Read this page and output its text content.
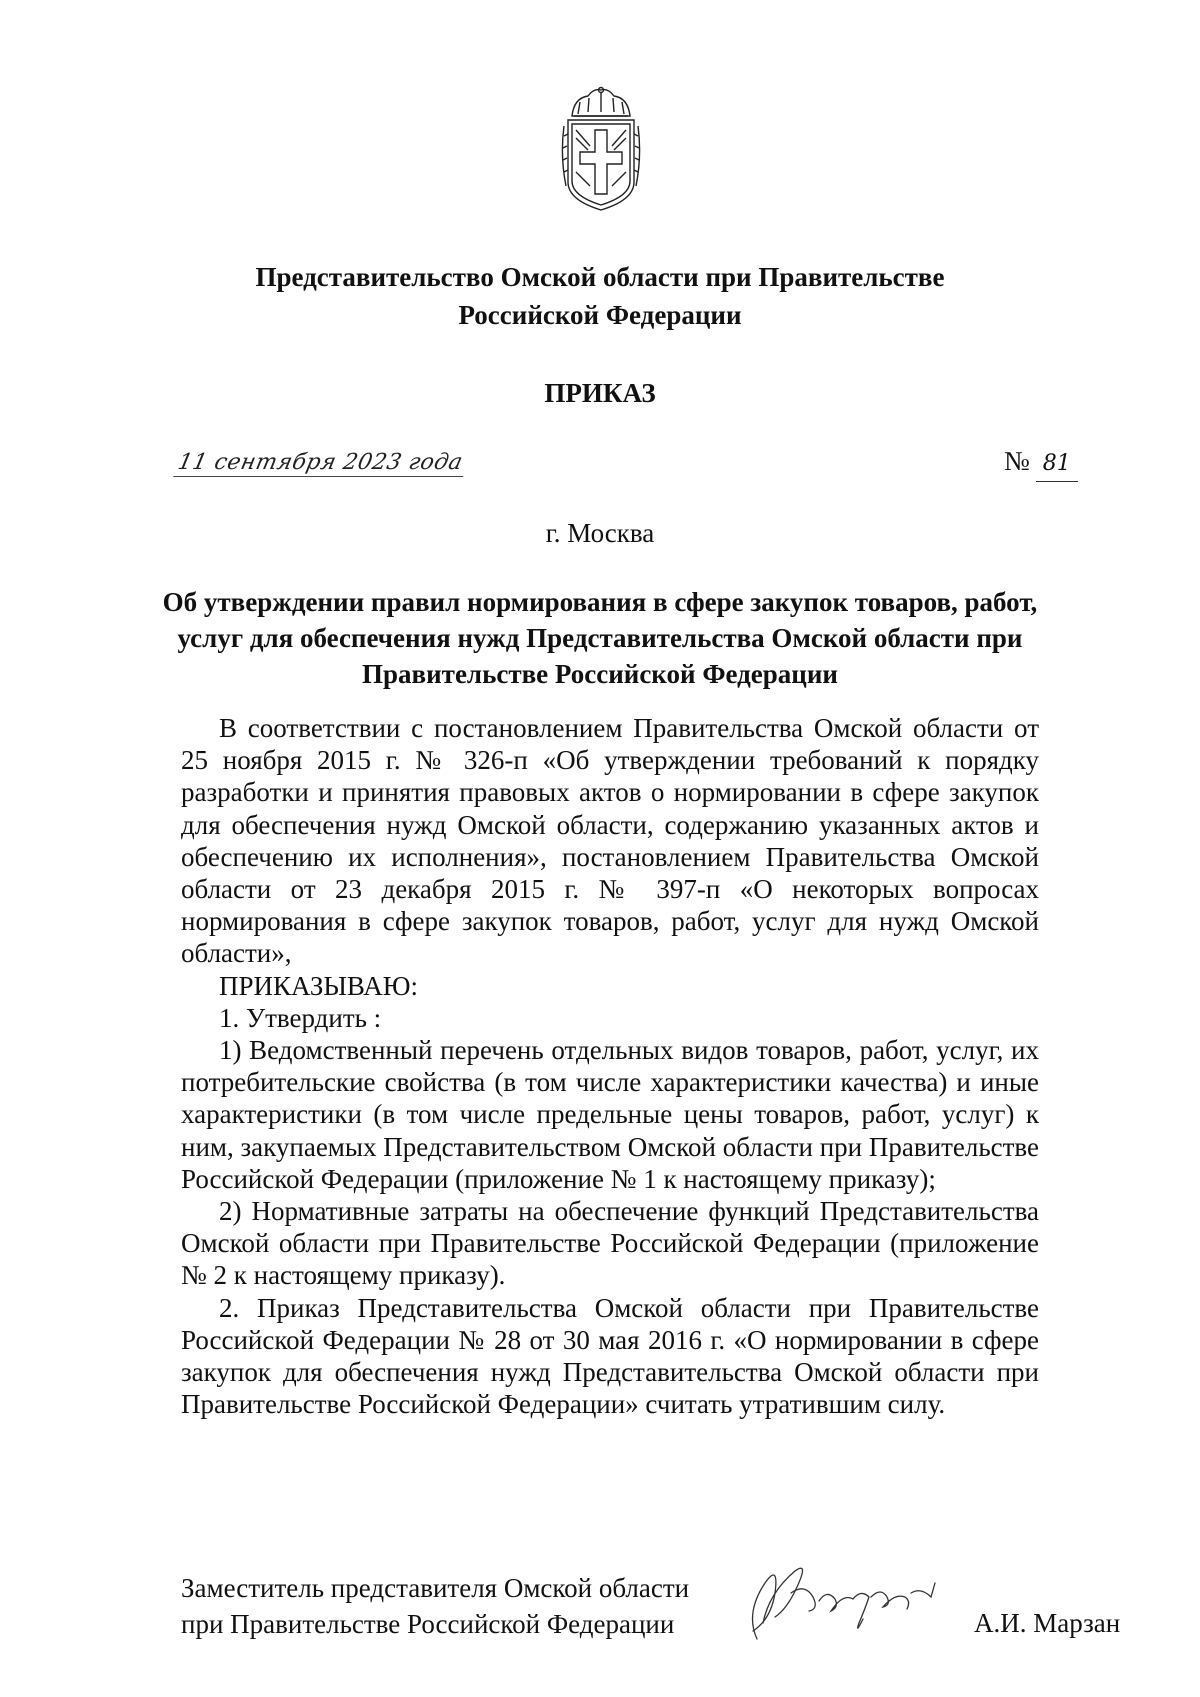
Представительство Омской области при Правительстве
Российской Федерации
ПРИКАЗ
11 сентября 2023 года	№ 81
г. Москва
Об утверждении правил нормирования в сфере закупок товаров, работ,
услуг для обеспечения нужд Представительства Омской области при
Правительстве Российской Федерации

В соответствии с постановлением Правительства Омской области от 25 ноября 2015 г. № 326-п «Об утверждении требований к порядку разработки и принятия правовых актов о нормировании в сфере закупок для обеспечения нужд Омской области, содержанию указанных актов и обеспечению их исполнения», постановлением Правительства Омской области от 23 декабря 2015 г. № 397-п «О некоторых вопросах нормирования в сфере закупок товаров, работ, услуг для нужд Омской области»,

ПРИКАЗЫВАЮ:

1. Утвердить :

1) Ведомственный перечень отдельных видов товаров, работ, услуг, их потребительские свойства (в том числе характеристики качества) и иные характеристики (в том числе предельные цены товаров, работ, услуг) к ним, закупаемых Представительством Омской области при Правительстве Российской Федерации (приложение № 1 к настоящему приказу);

2) Нормативные затраты на обеспечение функций Представительства Омской области при Правительстве Российской Федерации (приложение № 2 к настоящему приказу).

2. Приказ Представительства Омской области при Правительстве Российской Федерации № 28 от 30 мая 2016 г. «О нормировании в сфере закупок для обеспечения нужд Представительства Омской области при Правительстве Российской Федерации» считать утратившим силу.

Заместитель представителя Омской области
при Правительстве Российской Федерации	А.И. Марзан
